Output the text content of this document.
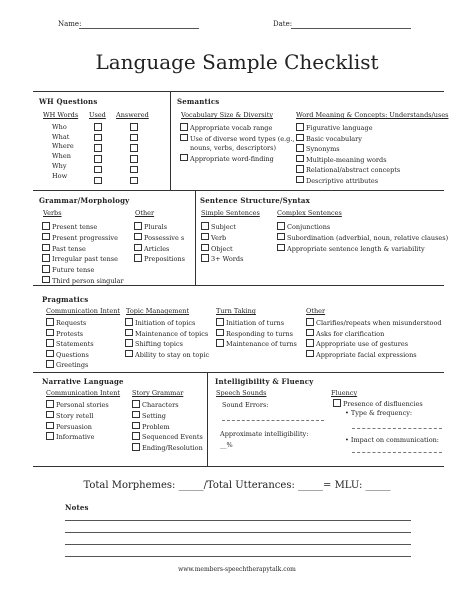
Name:	Date:
Language Sample Checklist
WH Questions
WH Words Used Answered
Who
What
Where
When
Why
How
Semantics
Vocabulary Size & Diversity
Appropriate vocab range
Use of diverse word types (e.g.,
nouns, verbs, descriptors)
Appropriate word-finding
Word Meaning & Concepts: Understands/uses
Figurative language
Basic vocabulary
Synonyms
Multiple-meaning words
Relational/abstract concepts
Descriptive attributes
Grammar/Morphology
Verbs
Present tense
Present progressive
Past tense
Irregular past tense
Future tense
Third person singular
Other
Plurals
Possessive s
Articles
Prepositions
Sentence Structure/Syntax
Simple Sentences
Subject
Verb
Object
3+ Words
Complex Sentences
Conjunctions
Subordination (adverbial, noun, relative clauses)
Appropriate sentence length & variability
Pragmatics
Communication Intent
Requests
Protests
Statements
Questions
Greetings
Topic Management
Initiation of topics
Maintenance of topics
Shifting topics
Ability to stay on topic
Turn Taking
Initiation of turns
Responding to turns
Maintenance of turns
Other
Clarifies/repeats when misunderstood
Asks for clarification
Appropriate use of gestures
Appropriate facial expressions
Narrative Language
Communication Intent
Personal stories
Story retell
Persuasion
Informative
Story Grammar
Characters
Setting
Problem
Sequenced Events
Ending/Resolution
Intelligibility & Fluency
Speech Sounds
Sound Errors:
Approximate intelligibility:
__%
Fluency
Presence of disfluencies
• Type & frequency:
• Impact on communication:
Total Morphemes: _____/Total Utterances: _____= MLU: _____
Notes
www.members-speechtherapytalk.com
